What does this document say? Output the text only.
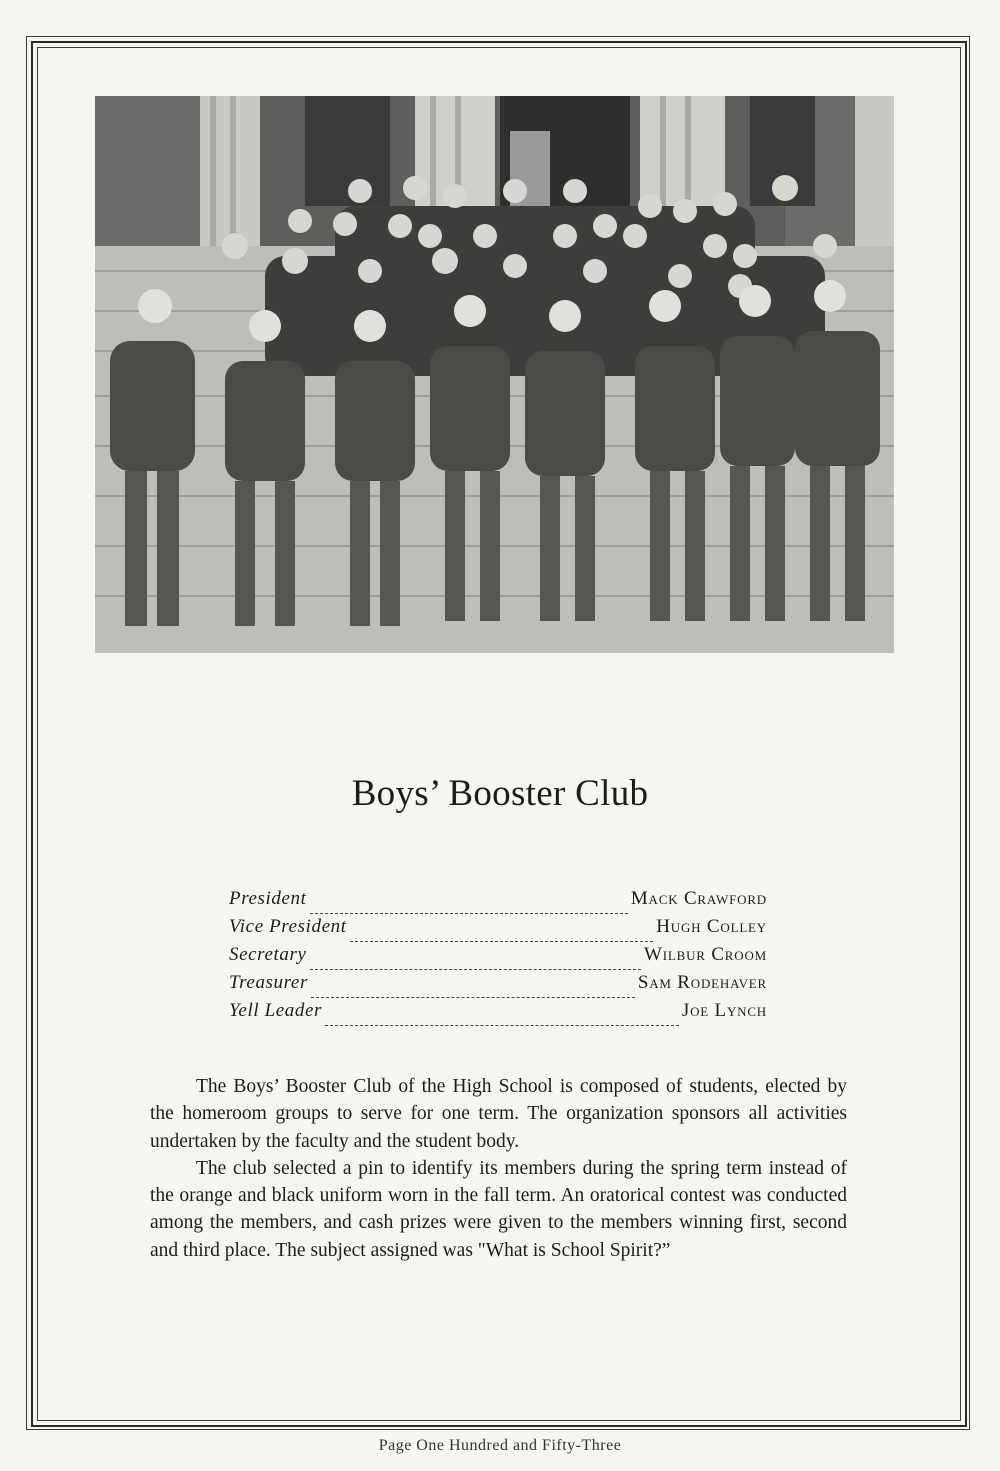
Boys’ Booster Club
President	Mack Crawford
Vice President	Hugh Colley
Secretary	Wilbur Croom
Treasurer	Sam Rodehaver
Yell Leader	Joe Lynch

The Boys’ Booster Club of the High School is composed of students, elected by the homeroom groups to serve for one term. The organization sponsors all activities undertaken by the faculty and the student body.

The club selected a pin to identify its members during the spring term instead of the orange and black uniform worn in the fall term. An oratorical contest was conducted among the members, and cash prizes were given to the members winning first, second and third place. The subject assigned was "What is School Spirit?”

Page One Hundred and Fifty-Three
